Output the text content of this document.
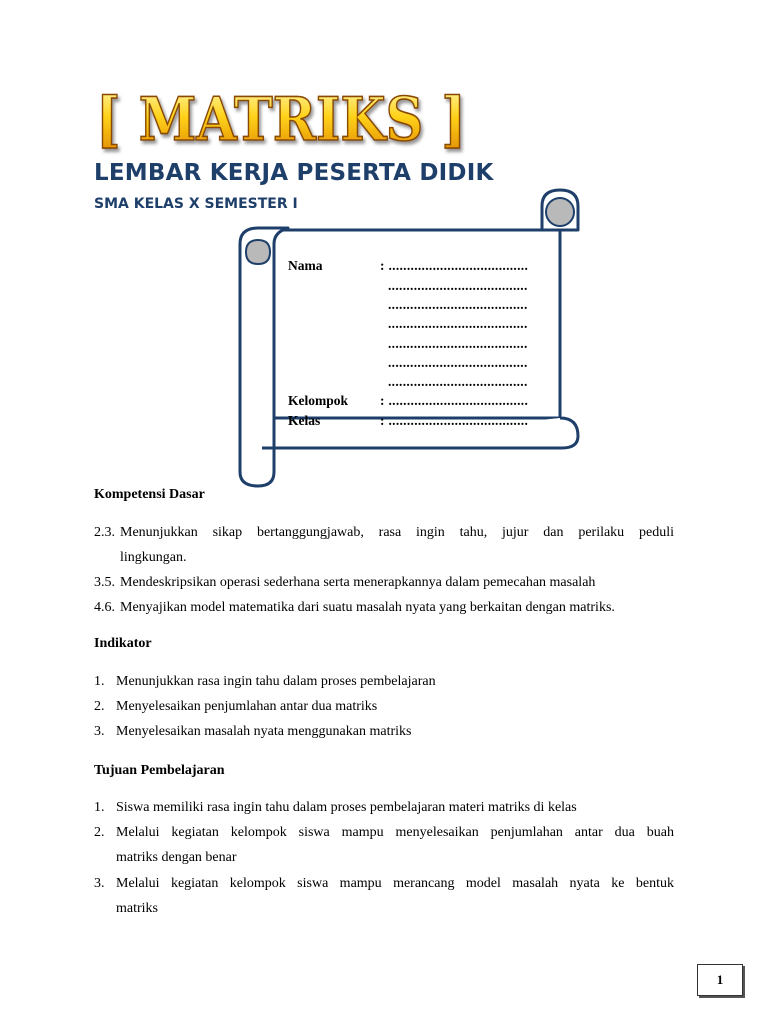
[ MATRIKS ]
LEMBAR KERJA PESERTA DIDIK
SMA KELAS X SEMESTER I
Nama	: ......................................
......................................
......................................
......................................
......................................
......................................
......................................
Kelompok : ......................................
Kelas	: ......................................
Kompetensi Dasar
2.3. Menunjukkan sikap bertanggungjawab, rasa ingin tahu, jujur dan perilaku peduli
lingkungan.
3.5. Mendeskripsikan operasi sederhana serta menerapkannya dalam pemecahan masalah
4.6. Menyajikan model matematika dari suatu masalah nyata yang berkaitan dengan matriks.
Indikator
1. Menunjukkan rasa ingin tahu dalam proses pembelajaran
2. Menyelesaikan penjumlahan antar dua matriks
3. Menyelesaikan masalah nyata menggunakan matriks
Tujuan Pembelajaran
1. Siswa memiliki rasa ingin tahu dalam proses pembelajaran materi matriks di kelas
2. Melalui kegiatan kelompok siswa mampu menyelesaikan penjumlahan antar dua buah
matriks dengan benar
3. Melalui kegiatan kelompok siswa mampu merancang model masalah nyata ke bentuk
matriks
1
